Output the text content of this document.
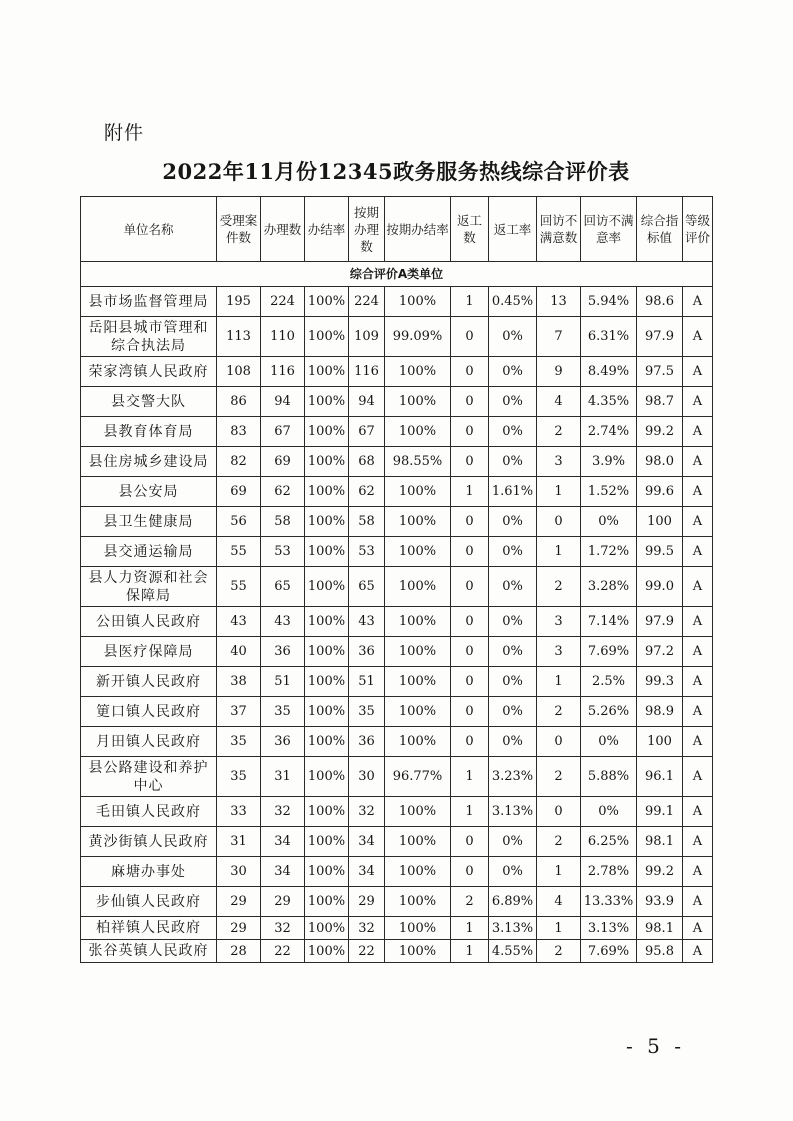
附件
2022年11月份12345政务服务热线综合评价表
单位名称	受理案件数	办理数	办结率	按期办理数	按期办结率	返工数	返工率	回访不满意数	回访不满意率	综合指标值	等级评价
综合评价A类单位											
县市场监督管理局	195	224	100%	224	100%	1	0.45%	13	5.94%	98.6	A
岳阳县城市管理和综合执法局	113	110	100%	109	99.09%	0	0%	7	6.31%	97.9	A
荣家湾镇人民政府	108	116	100%	116	100%	0	0%	9	8.49%	97.5	A
县交警大队	86	94	100%	94	100%	0	0%	4	4.35%	98.7	A
县教育体育局	83	67	100%	67	100%	0	0%	2	2.74%	99.2	A
县住房城乡建设局	82	69	100%	68	98.55%	0	0%	3	3.9%	98.0	A
县公安局	69	62	100%	62	100%	1	1.61%	1	1.52%	99.6	A
县卫生健康局	56	58	100%	58	100%	0	0%	0	0%	100	A
县交通运输局	55	53	100%	53	100%	0	0%	1	1.72%	99.5	A
县人力资源和社会保障局	55	65	100%	65	100%	0	0%	2	3.28%	99.0	A
公田镇人民政府	43	43	100%	43	100%	0	0%	3	7.14%	97.9	A
县医疗保障局	40	36	100%	36	100%	0	0%	3	7.69%	97.2	A
新开镇人民政府	38	51	100%	51	100%	0	0%	1	2.5%	99.3	A
筻口镇人民政府	37	35	100%	35	100%	0	0%	2	5.26%	98.9	A
月田镇人民政府	35	36	100%	36	100%	0	0%	0	0%	100	A
县公路建设和养护中心	35	31	100%	30	96.77%	1	3.23%	2	5.88%	96.1	A
毛田镇人民政府	33	32	100%	32	100%	1	3.13%	0	0%	99.1	A
黄沙街镇人民政府	31	34	100%	34	100%	0	0%	2	6.25%	98.1	A
麻塘办事处	30	34	100%	34	100%	0	0%	1	2.78%	99.2	A
步仙镇人民政府	29	29	100%	29	100%	2	6.89%	4	13.33%	93.9	A
柏祥镇人民政府	29	32	100%	32	100%	1	3.13%	1	3.13%	98.1	A
张谷英镇人民政府	28	22	100%	22	100%	1	4.55%	2	7.69%	95.8	A
- 5 -
